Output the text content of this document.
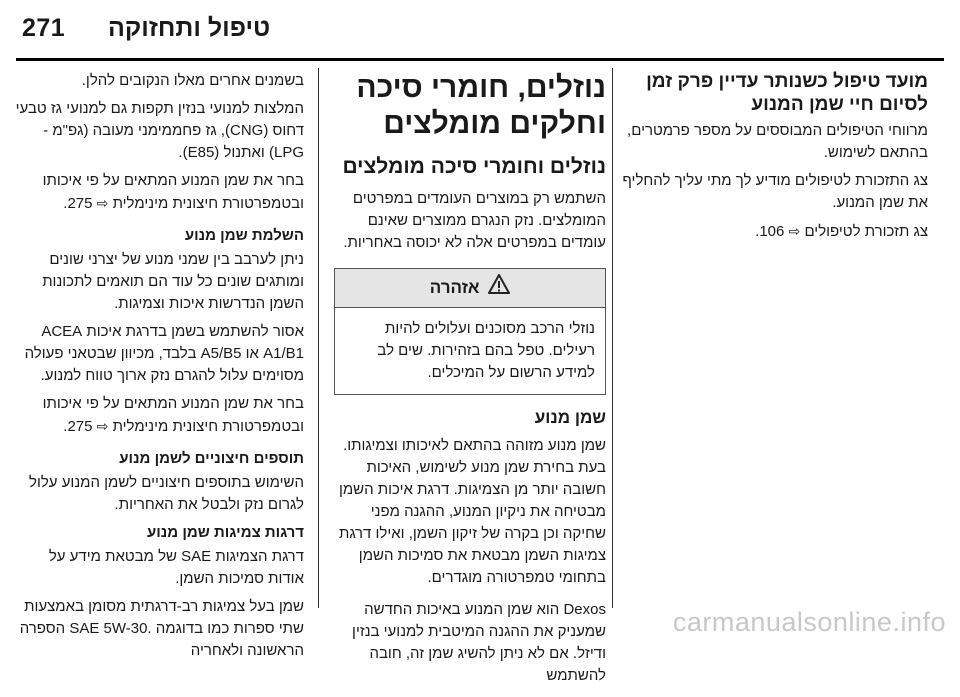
271 טיפול ותחזוקה
מועד טיפול כשנותר עדיין פרק זמן לסיום חיי שמן המנוע
מרווחי הטיפולים המבוססים על מספר פרמטרים, בהתאם לשימוש.
צג התזכורת לטיפולים מודיע לך מתי עליך להחליף את שמן המנוע.
צג תזכורת לטיפולים ⇨ 106.
נוזלים, חומרי סיכה וחלקים מומלצים
נוזלים וחומרי סיכה מומלצים
השתמש רק במוצרים העומדים במפרטים המומלצים. נזק הנגרם ממוצרים שאינם עומדים במפרטים אלה לא יכוסה באחריות.
אזהרה
נוזלי הרכב מסוכנים ועלולים להיות רעילים. טפל בהם בזהירות. שים לב למידע הרשום על המיכלים.
שמן מנוע
שמן מנוע מזוהה בהתאם לאיכותו וצמיגותו. בעת בחירת שמן מנוע לשימוש, האיכות חשובה יותר מן הצמיגות. דרגת איכות השמן מבטיחה את ניקיון המנוע, ההגנה מפני שחיקה וכן בקרה של זיקון השמן, ואילו דרגת צמיגות השמן מבטאת את סמיכות השמן בתחומי טמפרטורה מוגדרים.
Dexos הוא שמן המנוע באיכות החדשה שמעניק את ההגנה המיטבית למנועי בנזין ודיזל. אם לא ניתן להשיג שמן זה, חובה להשתמש
בשמנים אחרים מאלו הנקובים להלן.
המלצות למנועי בנזין תקפות גם למנועי גז טבעי דחוס (CNG), גז פחממימני מעובה (גפ"מ - LPG) ואתנול (E85).
בחר את שמן המנוע המתאים על פי איכותו ובטמפרטורת חיצונית מינימלית ⇨ 275.
השלמת שמן מנוע
ניתן לערבב בין שמני מנוע של יצרני שונים ומותגים שונים כל עוד הם תואמים לתכונות השמן הנדרשות איכות וצמיגות.
אסור להשתמש בשמן בדרגת איכות ACEA A1/B1 או A5/B5 בלבד, מכיוון שבטאני פעולה מסוימים עלול להגרם נזק ארוך טווח למנוע.
בחר את שמן המנוע המתאים על פי איכותו ובטמפרטורת חיצונית מינימלית ⇨ 275.
תוספים חיצוניים לשמן מנוע
השימוש בתוספים חיצוניים לשמן המנוע עלול לגרום נזק ולבטל את האחריות.
דרגות צמיגות שמן מנוע
דרגת הצמיגות SAE של מבטאת מידע על אודות סמיכות השמן.
שמן בעל צמיגות רב-דרגתית מסומן באמצעות שתי ספרות כמו בדוגמה .SAE 5W-30 הספרה הראשונה ולאחריה
carmanualsonline.info
